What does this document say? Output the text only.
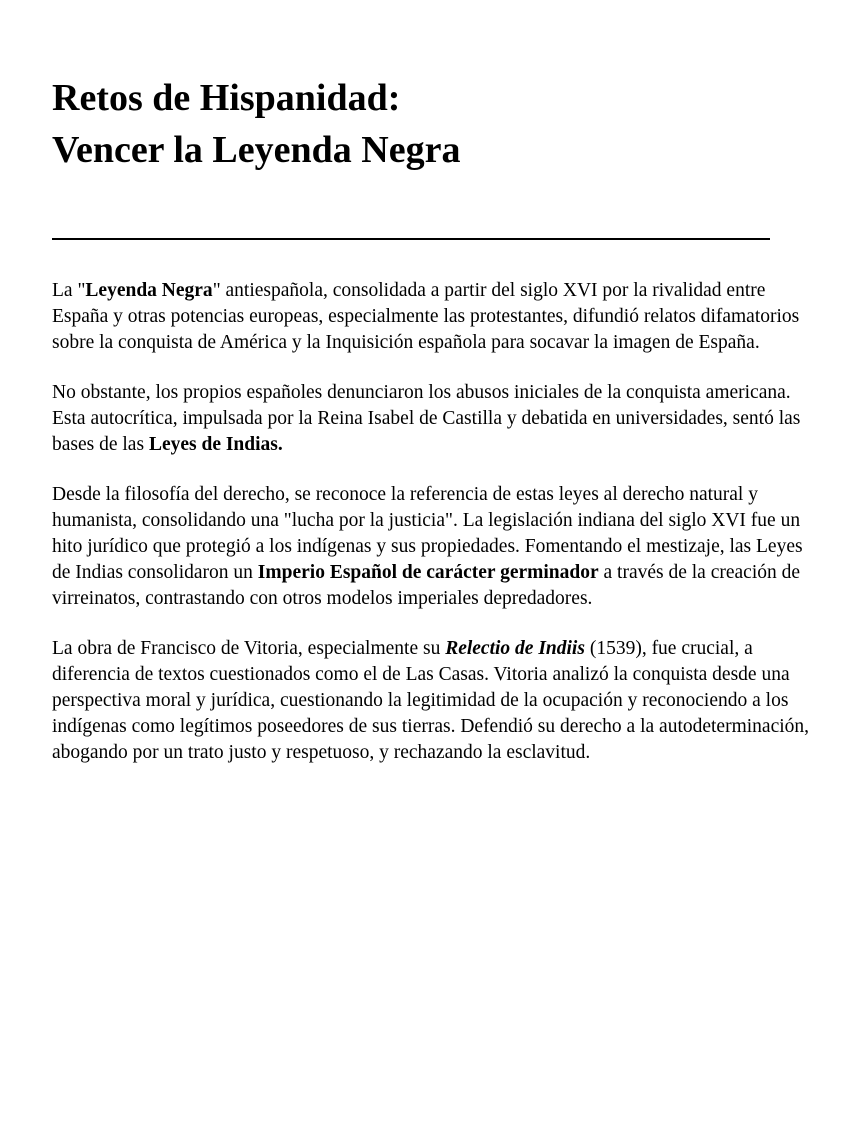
Retos de Hispanidad:
Vencer la Leyenda Negra

La "Leyenda Negra" antiespañola, consolidada a partir del siglo XVI por la rivalidad entre España y otras potencias europeas, especialmente las protestantes, difundió relatos difamatorios sobre la conquista de América y la Inquisición española para socavar la imagen de España.

No obstante, los propios españoles denunciaron los abusos iniciales de la conquista americana. Esta autocrítica, impulsada por la Reina Isabel de Castilla y debatida en universidades, sentó las bases de las Leyes de Indias.

Desde la filosofía del derecho, se reconoce la referencia de estas leyes al derecho natural y humanista, consolidando una "lucha por la justicia". La legislación indiana del siglo XVI fue un hito jurídico que protegió a los indígenas y sus propiedades. Fomentando el mestizaje, las Leyes de Indias consolidaron un Imperio Español de carácter germinador a través de la creación de virreinatos, contrastando con otros modelos imperiales depredadores.

La obra de Francisco de Vitoria, especialmente su Relectio de Indiis (1539), fue crucial, a diferencia de textos cuestionados como el de Las Casas. Vitoria analizó la conquista desde una perspectiva moral y jurídica, cuestionando la legitimidad de la ocupación y reconociendo a los indígenas como legítimos poseedores de sus tierras. Defendió su derecho a la autodeterminación, abogando por un trato justo y respetuoso, y rechazando la esclavitud.
